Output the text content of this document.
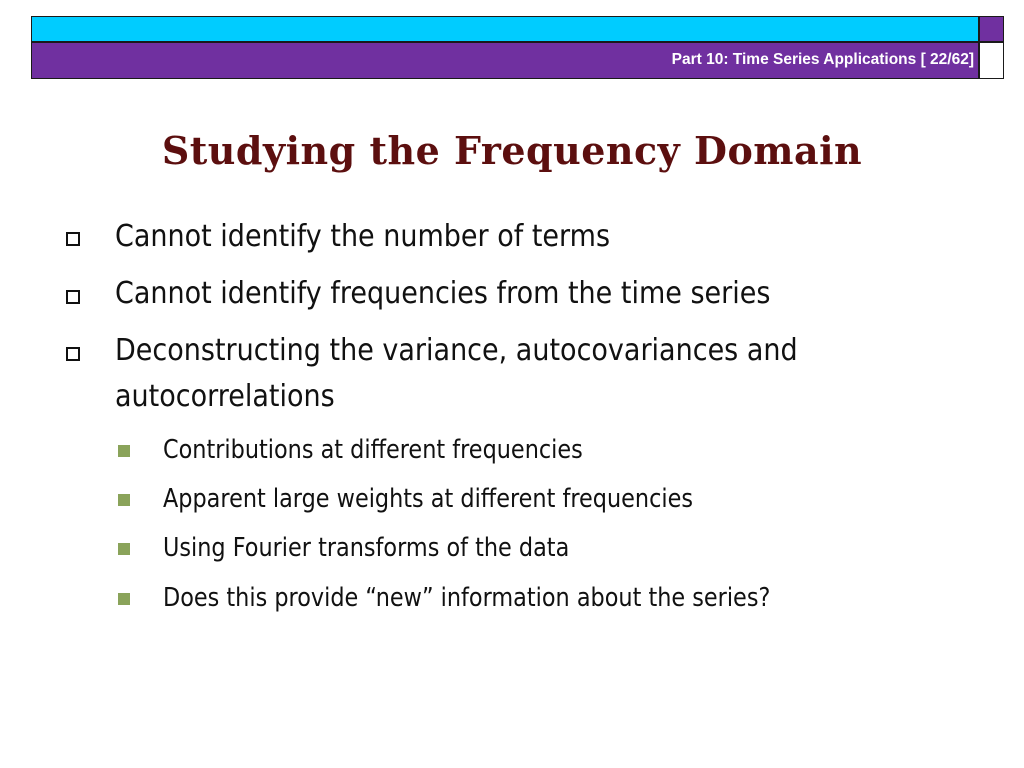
Part 10: Time Series Applications [ 22/62]
Studying the Frequency Domain
Cannot identify the number of terms
Cannot identify frequencies from the time series
Deconstructing the variance, autocovariances and autocorrelations
Contributions at different frequencies
Apparent large weights at different frequencies
Using Fourier transforms of the data
Does this provide “new” information about the series?
